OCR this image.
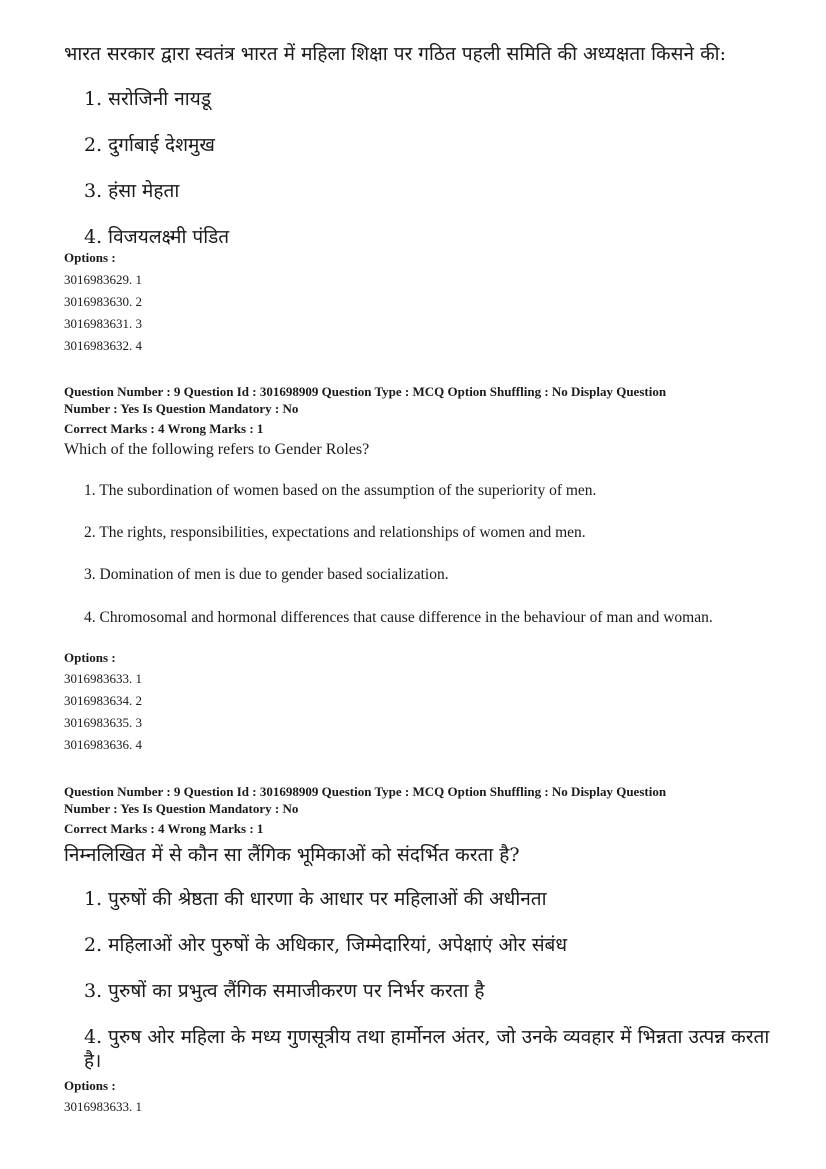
भारत सरकार द्वारा स्वतंत्र भारत में महिला शिक्षा पर गठित पहली समिति की अध्यक्षता किसने की:
1. सरोजिनी नायडू
2. दुर्गाबाई देशमुख
3. हंसा मेहता
4. विजयलक्ष्मी पंडित
Options :
3016983629. 1
3016983630. 2
3016983631. 3
3016983632. 4
Question Number : 9 Question Id : 301698909 Question Type : MCQ Option Shuffling : No Display Question
Number : Yes Is Question Mandatory : No
Correct Marks : 4 Wrong Marks : 1
Which of the following refers to Gender Roles?
1. The subordination of women based on the assumption of the superiority of men.
2. The rights, responsibilities, expectations and relationships of women and men.
3. Domination of men is due to gender based socialization.
4. Chromosomal and hormonal differences that cause difference in the behaviour of man and woman.
Options :
3016983633. 1
3016983634. 2
3016983635. 3
3016983636. 4
Question Number : 9 Question Id : 301698909 Question Type : MCQ Option Shuffling : No Display Question
Number : Yes Is Question Mandatory : No
Correct Marks : 4 Wrong Marks : 1
निम्नलिखित में से कौन सा लैंगिक भूमिकाओं को संदर्भित करता है?
1. पुरुषों की श्रेष्ठता की धारणा के आधार पर महिलाओं की अधीनता
2. महिलाओं ओर पुरुषों के अधिकार, जिम्मेदारियां, अपेक्षाएं ओर संबंध
3. पुरुषों का प्रभुत्व लैंगिक समाजीकरण पर निर्भर करता है
4. पुरुष ओर महिला के मध्य गुणसूत्रीय तथा हार्मोनल अंतर, जो उनके व्यवहार में भिन्नता उत्पन्न करता है।
Options :
3016983633. 1
